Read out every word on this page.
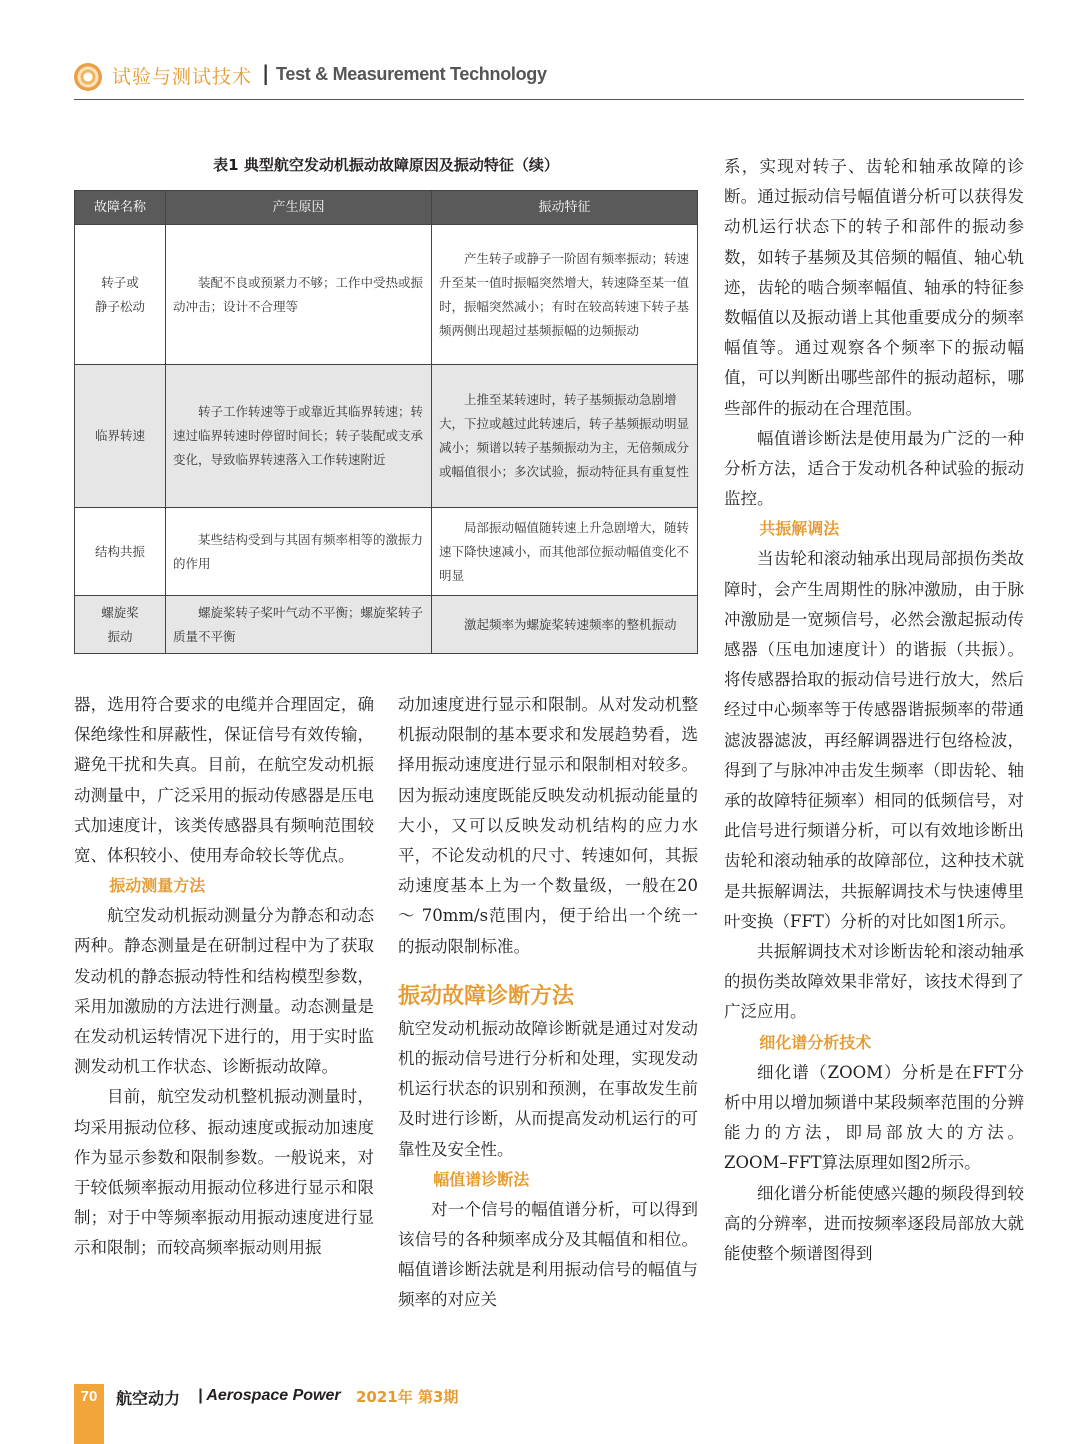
试验与测试技术 | Test & Measurement Technology
表1 典型航空发动机振动故障原因及振动特征（续）
故障名称	产生原因	振动特征
转子或
静子松动	装配不良或预紧力不够；工作中受热或振动冲击；设计不合理等	产生转子或静子一阶固有频率振动；转速升至某一值时振幅突然增大，转速降至某一值时，振幅突然减小；有时在较高转速下转子基频两侧出现超过基频振幅的边频振动
临界转速	转子工作转速等于或靠近其临界转速；转速过临界转速时停留时间长；转子装配或支承变化，导致临界转速落入工作转速附近	上推至某转速时，转子基频振动急剧增大，下拉或越过此转速后，转子基频振动明显减小；频谱以转子基频振动为主，无倍频成分或幅值很小；多次试验，振动特征具有重复性
结构共振	某些结构受到与其固有频率相等的激振力的作用	局部振动幅值随转速上升急剧增大，随转速下降快速减小，而其他部位振动幅值变化不明显
螺旋桨
振动	螺旋桨转子桨叶气动不平衡；螺旋桨转子质量不平衡	激起频率为螺旋桨转速频率的整机振动

器，选用符合要求的电缆并合理固定，确保绝缘性和屏蔽性，保证信号有效传输，避免干扰和失真。目前，在航空发动机振动测量中，广泛采用的振动传感器是压电式加速度计，该类传感器具有频响范围较宽、体积较小、使用寿命较长等优点。

振动测量方法

航空发动机振动测量分为静态和动态两种。静态测量是在研制过程中为了获取发动机的静态振动特性和结构模型参数，采用加激励的方法进行测量。动态测量是在发动机运转情况下进行的，用于实时监测发动机工作状态、诊断振动故障。

目前，航空发动机整机振动测量时，均采用振动位移、振动速度或振动加速度作为显示参数和限制参数。一般说来，对于较低频率振动用振动位移进行显示和限制；对于中等频率振动用振动速度进行显示和限制；而较高频率振动则用振

动加速度进行显示和限制。从对发动机整机振动限制的基本要求和发展趋势看，选择用振动速度进行显示和限制相对较多。因为振动速度既能反映发动机振动能量的大小，又可以反映发动机结构的应力水平，不论发动机的尺寸、转速如何，其振动速度基本上为一个数量级，一般在20 ～ 70mm/s范围内，便于给出一个统一的振动限制标准。

振动故障诊断方法

航空发动机振动故障诊断就是通过对发动机的振动信号进行分析和处理，实现发动机运行状态的识别和预测，在事故发生前及时进行诊断，从而提高发动机运行的可靠性及安全性。

幅值谱诊断法

对一个信号的幅值谱分析，可以得到该信号的各种频率成分及其幅值和相位。幅值谱诊断法就是利用振动信号的幅值与频率的对应关

系，实现对转子、齿轮和轴承故障的诊断。通过振动信号幅值谱分析可以获得发动机运行状态下的转子和部件的振动参数，如转子基频及其倍频的幅值、轴心轨迹，齿轮的啮合频率幅值、轴承的特征参数幅值以及振动谱上其他重要成分的频率幅值等。通过观察各个频率下的振动幅值，可以判断出哪些部件的振动超标，哪些部件的振动在合理范围。

幅值谱诊断法是使用最为广泛的一种分析方法，适合于发动机各种试验的振动监控。

共振解调法

当齿轮和滚动轴承出现局部损伤类故障时，会产生周期性的脉冲激励，由于脉冲激励是一宽频信号，必然会激起振动传感器（压电加速度计）的谐振（共振）。将传感器拾取的振动信号进行放大，然后经过中心频率等于传感器谐振频率的带通滤波器滤波，再经解调器进行包络检波，得到了与脉冲冲击发生频率（即齿轮、轴承的故障特征频率）相同的低频信号，对此信号进行频谱分析，可以有效地诊断出齿轮和滚动轴承的故障部位，这种技术就是共振解调法，共振解调技术与快速傅里叶变换（FFT）分析的对比如图1所示。

共振解调技术对诊断齿轮和滚动轴承的损伤类故障效果非常好，该技术得到了广泛应用。

细化谱分析技术

细化谱（ZOOM）分析是在FFT分析中用以增加频谱中某段频率范围的分辨能力的方法，即局部放大的方法。ZOOM–FFT算法原理如图2所示。

细化谱分析能使感兴趣的频段得到较高的分辨率，进而按频率逐段局部放大就能使整个频谱图得到

70	航空动力 | Aerospace Power 2021年 第3期
